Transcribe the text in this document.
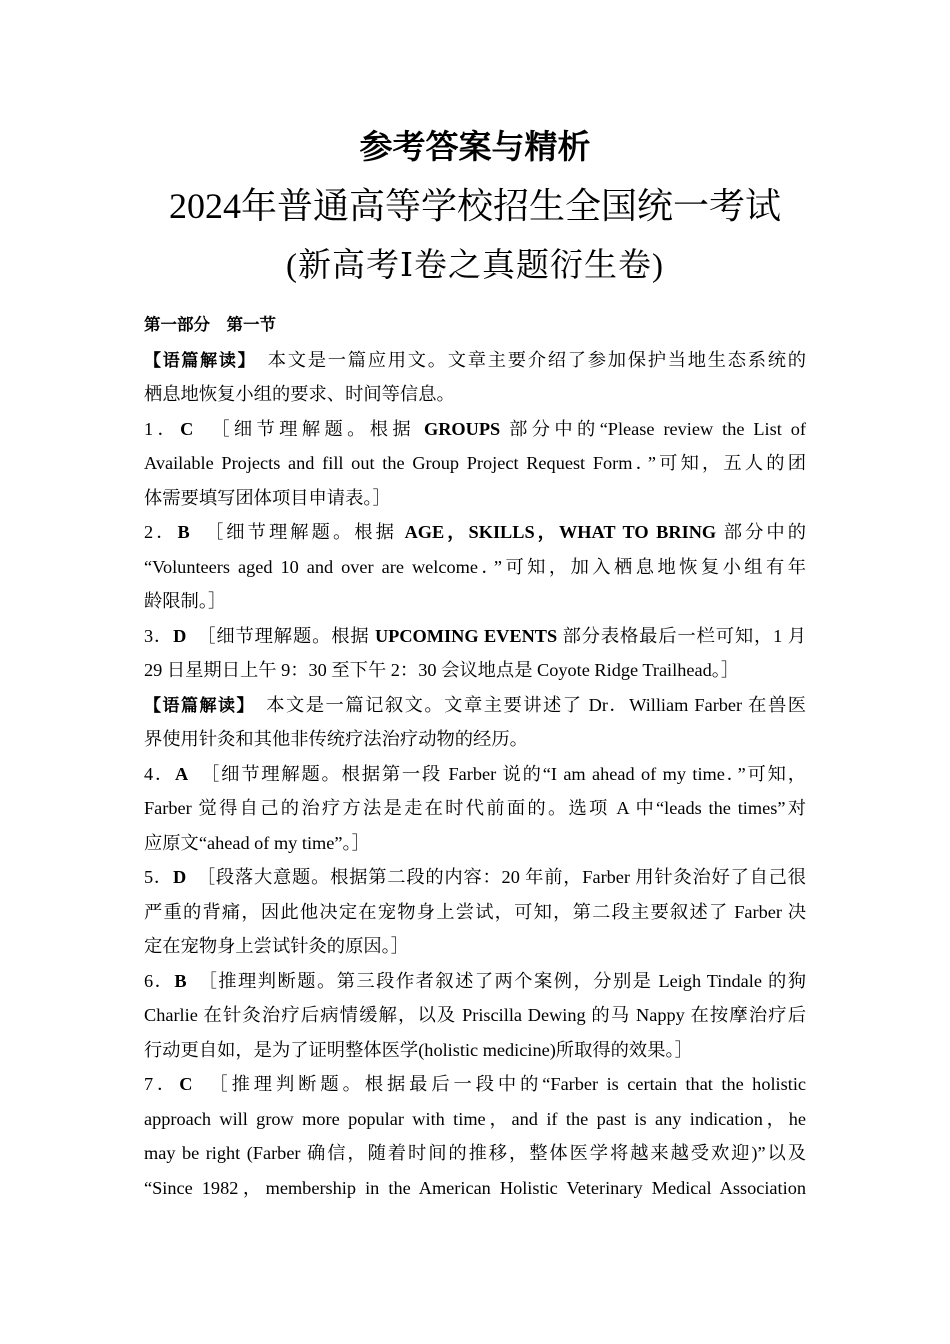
参考答案与精析
2024年普通高等学校招生全国统一考试
(新高考Ⅰ卷之真题衍生卷)
第一部分　第一节
【语篇解读】　本文是一篇应用文。文章主要介绍了参加保护当地生态系统的
栖息地恢复小组的要求、时间等信息。
1．C　 ［细节理解题。根据 GROUPS 部分中的“Please review the List of
Available Projects and fill out the Group Project Request Form．”可知，五人的团
体需要填写团体项目申请表。］
2．B　 ［细节理解题。根据 AGE，SKILLS，WHAT TO BRING 部分中的
“Volunteers aged 10 and over are welcome．”可知，加入栖息地恢复小组有年
龄限制。］
3．D　 ［细节理解题。根据 UPCOMING EVENTS 部分表格最后一栏可知，1 月
29 日星期日上午 9：30 至下午 2：30 会议地点是 Coyote Ridge Trailhead。］
【语篇解读】　本文是一篇记叙文。文章主要讲述了 Dr．William Farber 在兽医
界使用针灸和其他非传统疗法治疗动物的经历。
4．A　 ［细节理解题。根据第一段 Farber 说的“I am ahead of my time．”可知，
Farber 觉得自己的治疗方法是走在时代前面的。选项 A 中“leads the times”对
应原文“ahead of my time”。］
5．D　 ［段落大意题。根据第二段的内容：20 年前，Farber 用针灸治好了自己很
严重的背痛，因此他决定在宠物身上尝试，可知，第二段主要叙述了 Farber 决
定在宠物身上尝试针灸的原因。］
6．B　 ［推理判断题。第三段作者叙述了两个案例，分别是 Leigh Tindale 的狗
Charlie 在针灸治疗后病情缓解，以及 Priscilla Dewing 的马 Nappy 在按摩治疗后
行动更自如，是为了证明整体医学(holistic medicine)所取得的效果。］
7．C　 ［推理判断题。根据最后一段中的“Farber is certain that the holistic
approach will grow more popular with time，and if the past is any indication，he
may be right (Farber 确信，随着时间的推移，整体医学将越来越受欢迎)”以及
“Since 1982，membership in the American Holistic Veterinary Medical Association
